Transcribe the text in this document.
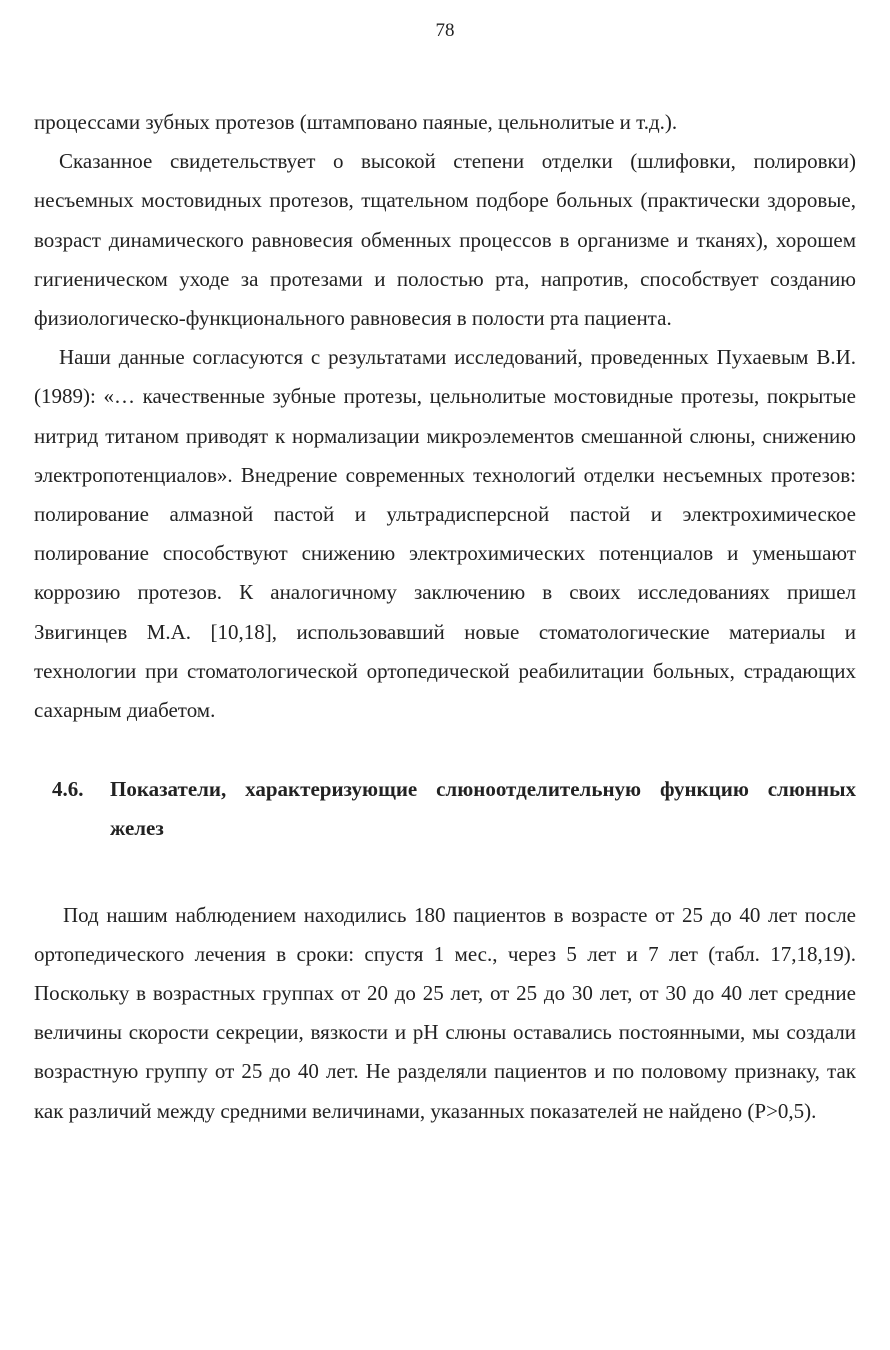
78

процессами зубных протезов (штамповано паяные, цельнолитые и т.д.).

Сказанное свидетельствует о высокой степени отделки (шлифовки, полировки) несъемных мостовидных протезов, тщательном подборе больных (практически здоровые, возраст динамического равновесия обменных процессов в организме и тканях), хорошем гигиеническом уходе за протезами и полостью рта, напротив, способствует созданию физиологическо-функционального равновесия в полости рта пациента.

Наши данные согласуются с результатами исследований, проведенных Пухаевым В.И. (1989): «… качественные зубные протезы, цельнолитые мостовидные протезы, покрытые нитрид титаном приводят к нормализации микроэлементов смешанной слюны, снижению электропотенциалов». Внедрение современных технологий отделки несъемных протезов: полирование алмазной пастой и ультрадисперсной пастой и электрохимическое полирование способствуют снижению электрохимических потенциалов и уменьшают коррозию протезов. К аналогичному заключению в своих исследованиях пришел Звигинцев М.А. [10,18], использовавший новые стоматологические материалы и технологии при стоматологической ортопедической реабилитации больных, страдающих сахарным диабетом.

4.6.	Показатели, характеризующие слюноотделительную функцию слюнных желез

Под нашим наблюдением находились 180 пациентов в возрасте от 25 до 40 лет после ортопедического лечения в сроки: спустя 1 мес., через 5 лет и 7 лет (табл. 17,18,19). Поскольку в возрастных группах от 20 до 25 лет, от 25 до 30 лет, от 30 до 40 лет средние величины скорости секреции, вязкости и рН слюны оставались постоянными, мы создали возрастную группу от 25 до 40 лет. Не разделяли пациентов и по половому признаку, так как различий между средними величинами, указанных показателей не найдено (Р>0,5).
